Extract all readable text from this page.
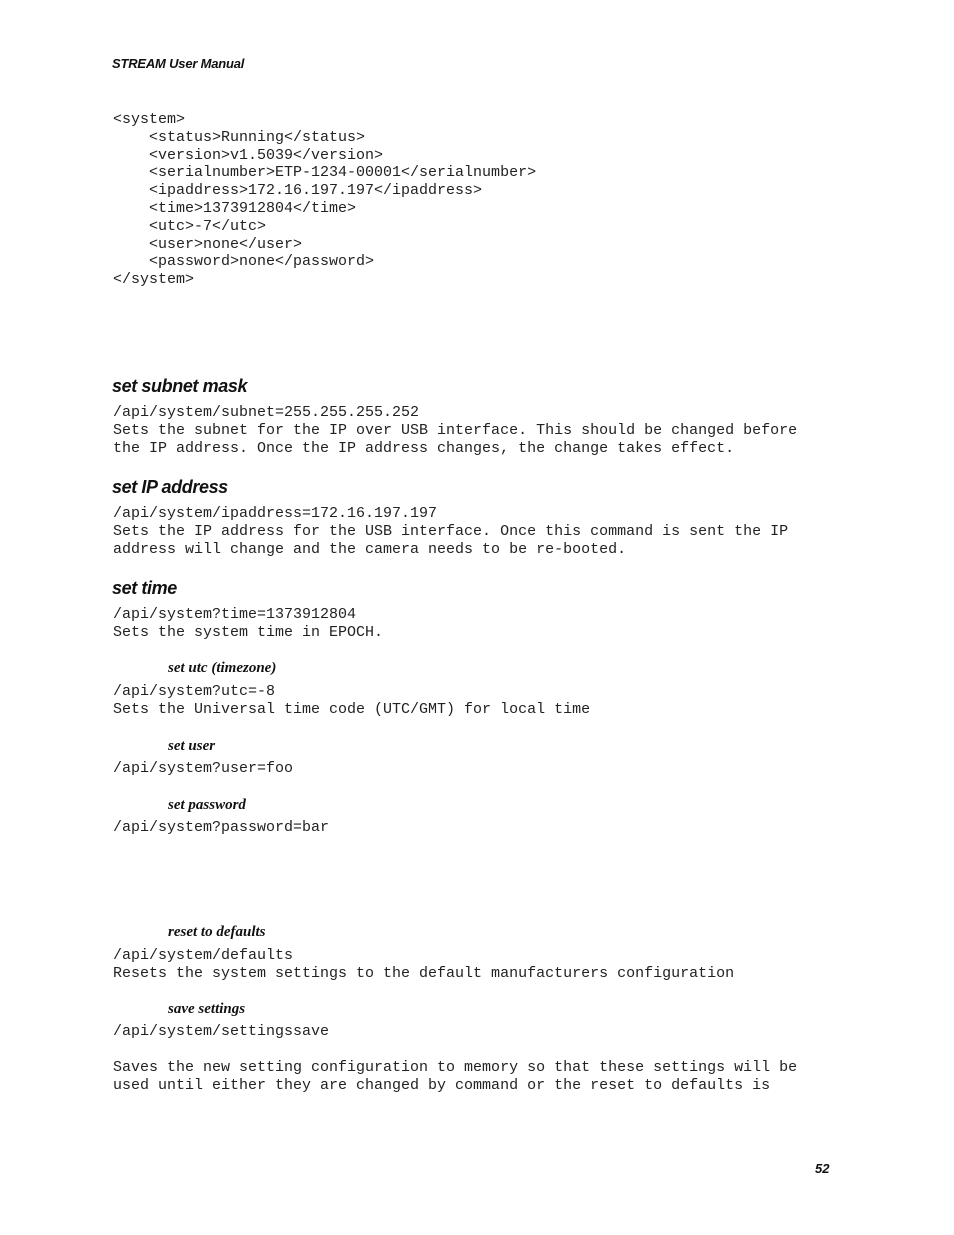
STREAM User Manual
<system>
<status>Running</status>
<version>v1.5039</version>
<serialnumber>ETP-1234-00001</serialnumber>
<ipaddress>172.16.197.197</ipaddress>
<time>1373912804</time>
<utc>-7</utc>
<user>none</user>
<password>none</password>
</system>
set subnet mask
/api/system/subnet=255.255.255.252
Sets the subnet for the IP over USB interface. This should be changed before
the IP address. Once the IP address changes, the change takes effect.
set IP address
/api/system/ipaddress=172.16.197.197
Sets the IP address for the USB interface. Once this command is sent the IP
address will change and the camera needs to be re-booted.
set time
/api/system?time=1373912804
Sets the system time in EPOCH.
set utc (timezone)
/api/system?utc=-8
Sets the Universal time code (UTC/GMT) for local time
set user
/api/system?user=foo
set password
/api/system?password=bar
reset to defaults
/api/system/defaults
Resets the system settings to the default manufacturers configuration
save settings
/api/system/settingssave
Saves the new setting configuration to memory so that these settings will be
used until either they are changed by command or the reset to defaults is
52
